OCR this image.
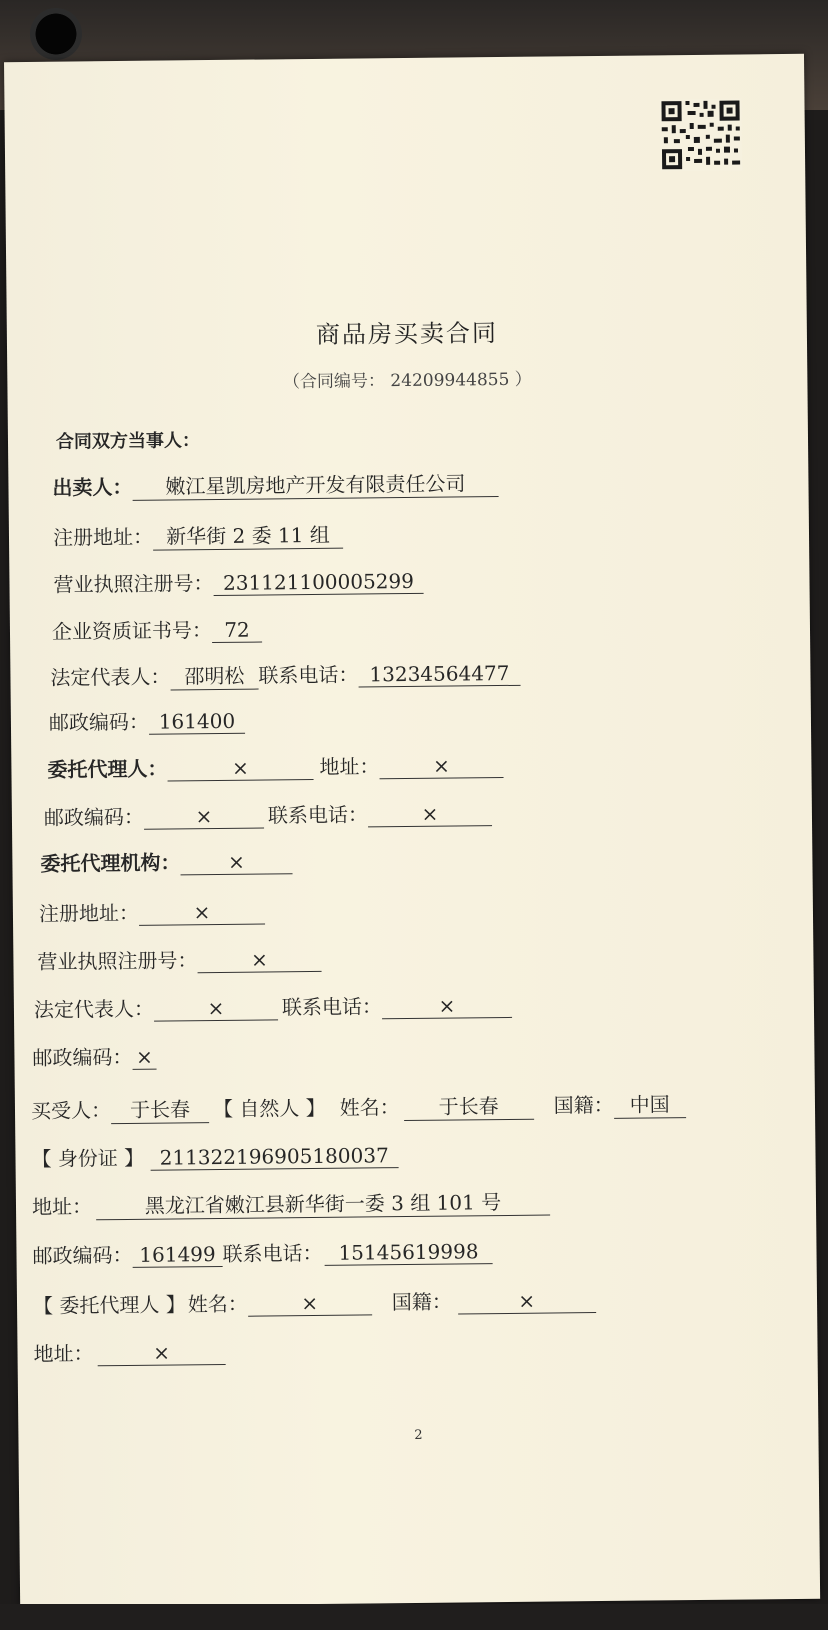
商品房买卖合同
（合同编号： 24209944855 ）
合同双方当事人：
出卖人： 嫩江星凯房地产开发有限责任公司
注册地址： 新华街 2 委 11 组
营业执照注册号： 231121100005299
企业资质证书号： 72
法定代表人： 邵明松 联系电话： 13234564477
邮政编码： 161400
委托代理人：	×	地址：	×
邮政编码：	×	联系电话：	×
委托代理机构： ×
注册地址：	×
营业执照注册号：	×
法定代表人：	×	联系电话：	×
邮政编码： ×
买受人： 于长春 【 自然人 】 姓名： 于长春	国籍： 中国
【 身份证 】 211322196905180037
地址：	黑龙江省嫩江县新华街一委 3 组 101 号
邮政编码： 161499 联系电话： 15145619998
【 委托代理人 】姓名：	×	国籍：	×
地址：	×
2
